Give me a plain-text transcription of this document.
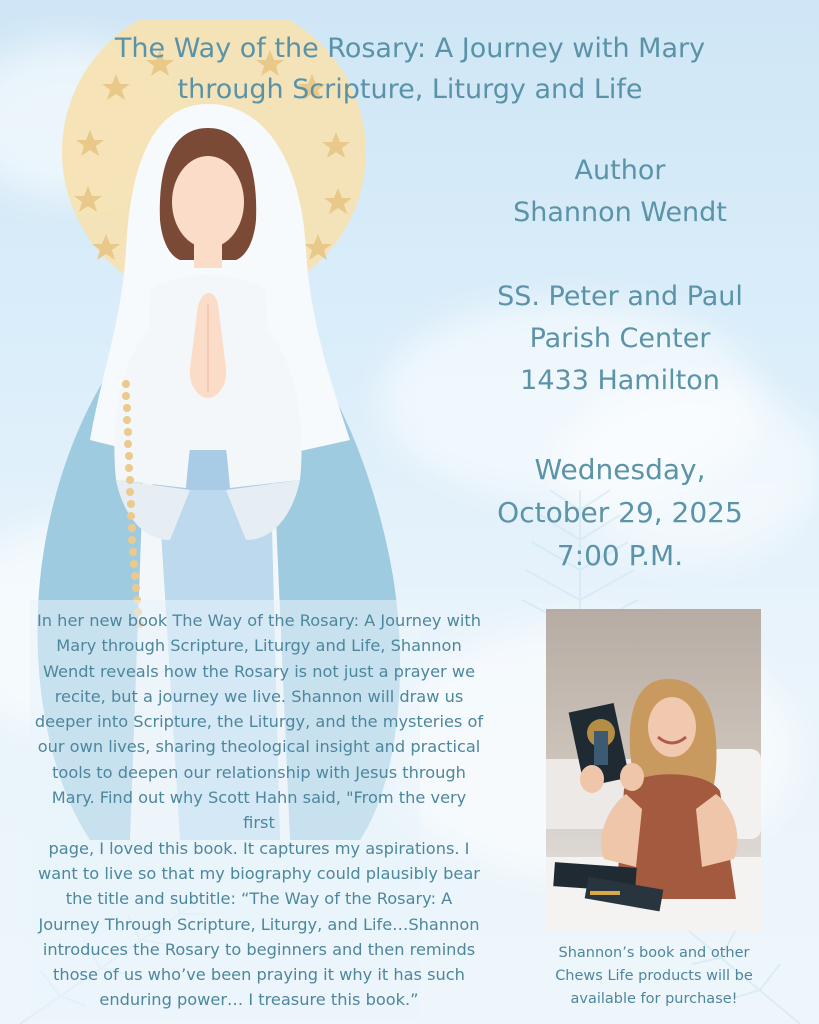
The Way of the Rosary: A Journey with Mary
through Scripture, Liturgy and Life
Author
Shannon Wendt
SS. Peter and Paul
Parish Center
1433 Hamilton
Wednesday,
October 29, 2025
7:00 P.M.
In her new book The Way of the Rosary: A Journey with
Mary through Scripture, Liturgy and Life, Shannon
Wendt reveals how the Rosary is not just a prayer we
recite, but a journey we live. Shannon will draw us
deeper into Scripture, the Liturgy, and the mysteries of
our own lives, sharing theological insight and practical
tools to deepen our relationship with Jesus through
Mary. Find out why Scott Hahn said, "From the very first
page, I loved this book. It captures my aspirations. I
want to live so that my biography could plausibly bear
the title and subtitle: “The Way of the Rosary: A
Journey Through Scripture, Liturgy, and Life…Shannon
introduces the Rosary to beginners and then reminds
those of us who’ve been praying it why it has such
enduring power… I treasure this book.”
Shannon’s book and other
Chews Life products will be
available for purchase!
